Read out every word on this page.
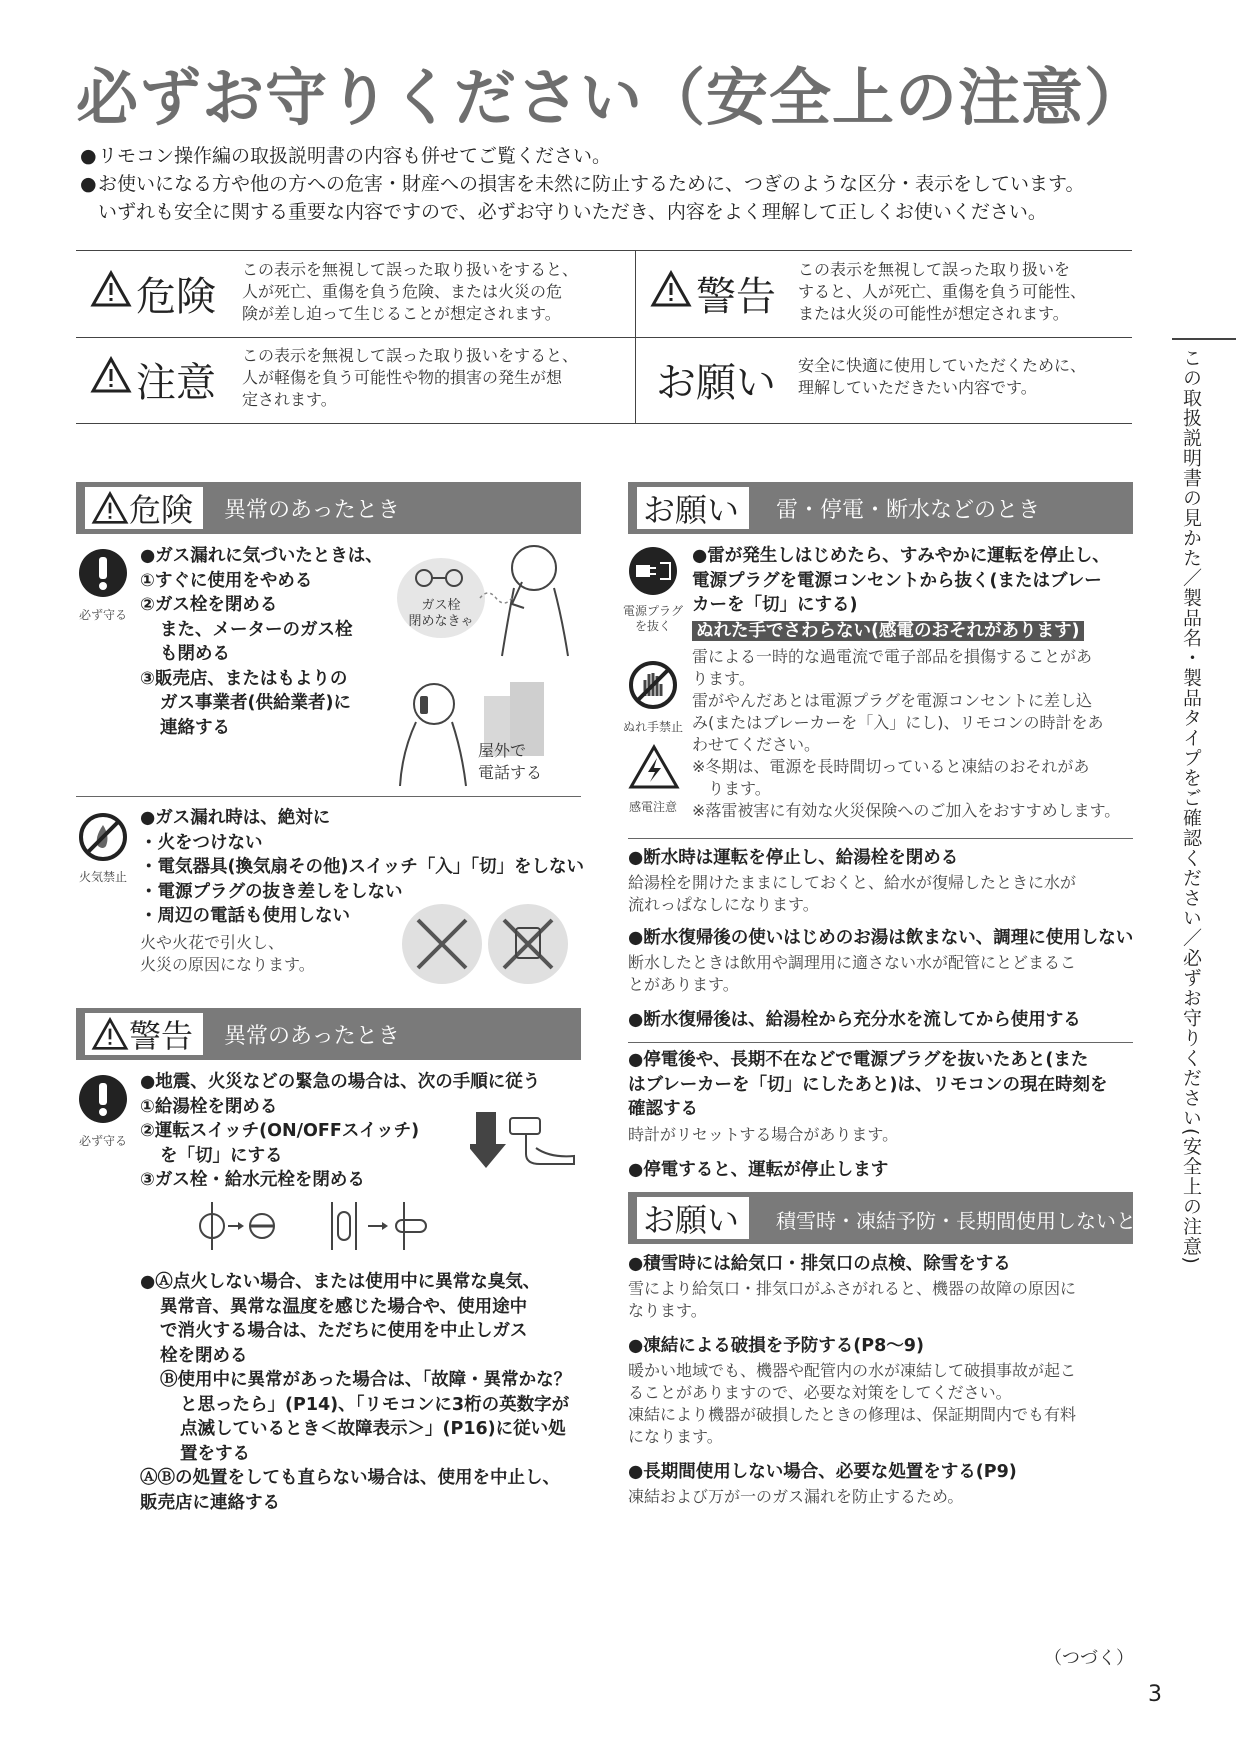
必ずお守りください（安全上の注意）
●リモコン操作編の取扱説明書の内容も併せてご覧ください。
●お使いになる方や他の方への危害・財産への損害を未然に防止するために、つぎのような区分・表示をしています。
いずれも安全に関する重要な内容ですので、必ずお守りいただき、内容をよく理解して正しくお使いください。
危険
この表示を無視して誤った取り扱いをすると、
人が死亡、重傷を負う危険、または火災の危
険が差し迫って生じることが想定されます。	警告
この表示を無視して誤った取り扱いを
すると、人が死亡、重傷を負う可能性、
または火災の可能性が想定されます。
注意
この表示を無視して誤った取り扱いをすると、
人が軽傷を負う可能性や物的損害の発生が想
定されます。	お願い 安全に快適に使用していただくために、
理解していただきたい内容です。
危険 異常のあったとき
必ず守る
●ガス漏れに気づいたときは、
①すぐに使用をやめる
②ガス栓を閉める
また、メーターのガス栓
も閉める
③販売店、またはもよりの
ガス事業者(供給業者)に
連絡する
ガス栓
閉めなきゃ
屋外で
電話する
火気禁止
●ガス漏れ時は、絶対に
・火をつけない
・電気器具(換気扇その他)スイッチ「入」「切」をしない
・電源プラグの抜き差しをしない
・周辺の電話も使用しない
火や火花で引火し、
火災の原因になります。
警告 異常のあったとき
必ず守る
●地震、火災などの緊急の場合は、次の手順に従う
①給湯栓を閉める
②運転スイッチ(ON/OFFスイッチ)
を「切」にする
③ガス栓・給水元栓を閉める
●Ⓐ点火しない場合、または使用中に異常な臭気、
異常音、異常な温度を感じた場合や、使用途中
で消火する場合は、ただちに使用を中止しガス
栓を閉める
Ⓑ使用中に異常があった場合は、「故障・異常かな？
と思ったら」(P14)、「リモコンに3桁の英数字が
点滅しているとき＜故障表示＞」(P16)に従い処
置をする
ⒶⒷの処置をしても直らない場合は、使用を中止し、
販売店に連絡する
お願い 雷・停電・断水などのとき
電源プラグ
を抜く
ぬれ手禁止
感電注意
●雷が発生しはじめたら、すみやかに運転を停止し、
電源プラグを電源コンセントから抜く(またはブレー
カーを「切」にする)
ぬれた手でさわらない(感電のおそれがあります)
雷による一時的な過電流で電子部品を損傷することがあ
ります。
雷がやんだあとは電源プラグを電源コンセントに差し込
み(またはブレーカーを「入」にし)、リモコンの時計をあ
わせてください。
※冬期は、電源を長時間切っていると凍結のおそれがあ
ります。
※落雷被害に有効な火災保険へのご加入をおすすめします。
●断水時は運転を停止し、給湯栓を閉める
給湯栓を開けたままにしておくと、給水が復帰したときに水が
流れっぱなしになります。
●断水復帰後の使いはじめのお湯は飲まない、調理に使用しない
断水したときは飲用や調理用に適さない水が配管にとどまるこ
とがあります。
●断水復帰後は、給湯栓から充分水を流してから使用する
●停電後や、長期不在などで電源プラグを抜いたあと(また
はブレーカーを「切」にしたあと)は、リモコンの現在時刻を
確認する
時計がリセットする場合があります。
●停電すると、運転が停止します
お願い 積雪時・凍結予防・長期間使用しないとき
●積雪時には給気口・排気口の点検、除雪をする
雪により給気口・排気口がふさがれると、機器の故障の原因に
なります。
●凍結による破損を予防する(P8～9)
暖かい地域でも、機器や配管内の水が凍結して破損事故が起こ
ることがありますので、必要な対策をしてください。
凍結により機器が破損したときの修理は、保証期間内でも有料
になります。
●長期間使用しない場合、必要な処置をする(P9)
凍結および万が一のガス漏れを防止するため。
この取扱説明書の見かた／製品名・製品タイプをご確認ください／必ずお守りください(安全上の注意)
（つづく）
3
